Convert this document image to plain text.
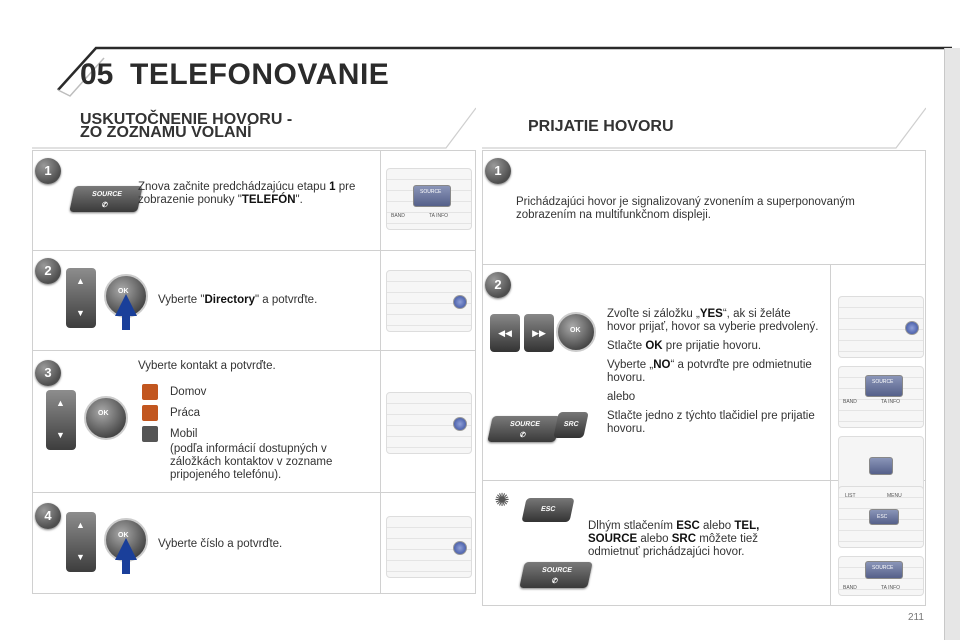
05 TELEFONOVANIE
USKUTOČNENIE HOVORU -
ZO ZOZNAMU VOLANÍ	PRIJATIE HOVORU
1
SOURCE
✆
Znova začnite predchádzajúcu etapu 1 pre zobrazenie ponuky "TELEFÓN".
SOURCE
BAND	TA INFO
2
▲
▼
OK
Vyberte "Directory" a potvrďte.
3	Vyberte kontakt a potvrďte.
▲
▼
OK
Domov
Práca
Mobil
(podľa informácií dostupných v záložkách kontaktov v zozname pripojeného telefónu).
4
▲
▼
OK
Vyberte číslo a potvrďte.
1
Prichádzajúci hovor je signalizovaný zvonením a superponovaným zobrazením na multifunkčnom displeji.
2
◀◀	▶▶	OK
SOURCE
✆
SRC
Zvoľte si záložku „YES“, ak si želáte hovor prijať, hovor sa vyberie predvolený.
Stlačte OK pre prijatie hovoru.
Vyberte „NO“ a potvrďte pre odmietnutie hovoru.
alebo
Stlačte jedno z týchto tlačidiel pre prijatie hovoru.
SOURCE
BAND	TA INFO
✺	ESC
SOURCE
✆
Dlhým stlačením ESC alebo TEL, SOURCE alebo SRC môžete tiež odmietnuť prichádzajúci hovor.
LIST	MENU
ESC
SOURCE
BAND	TA INFO
211
